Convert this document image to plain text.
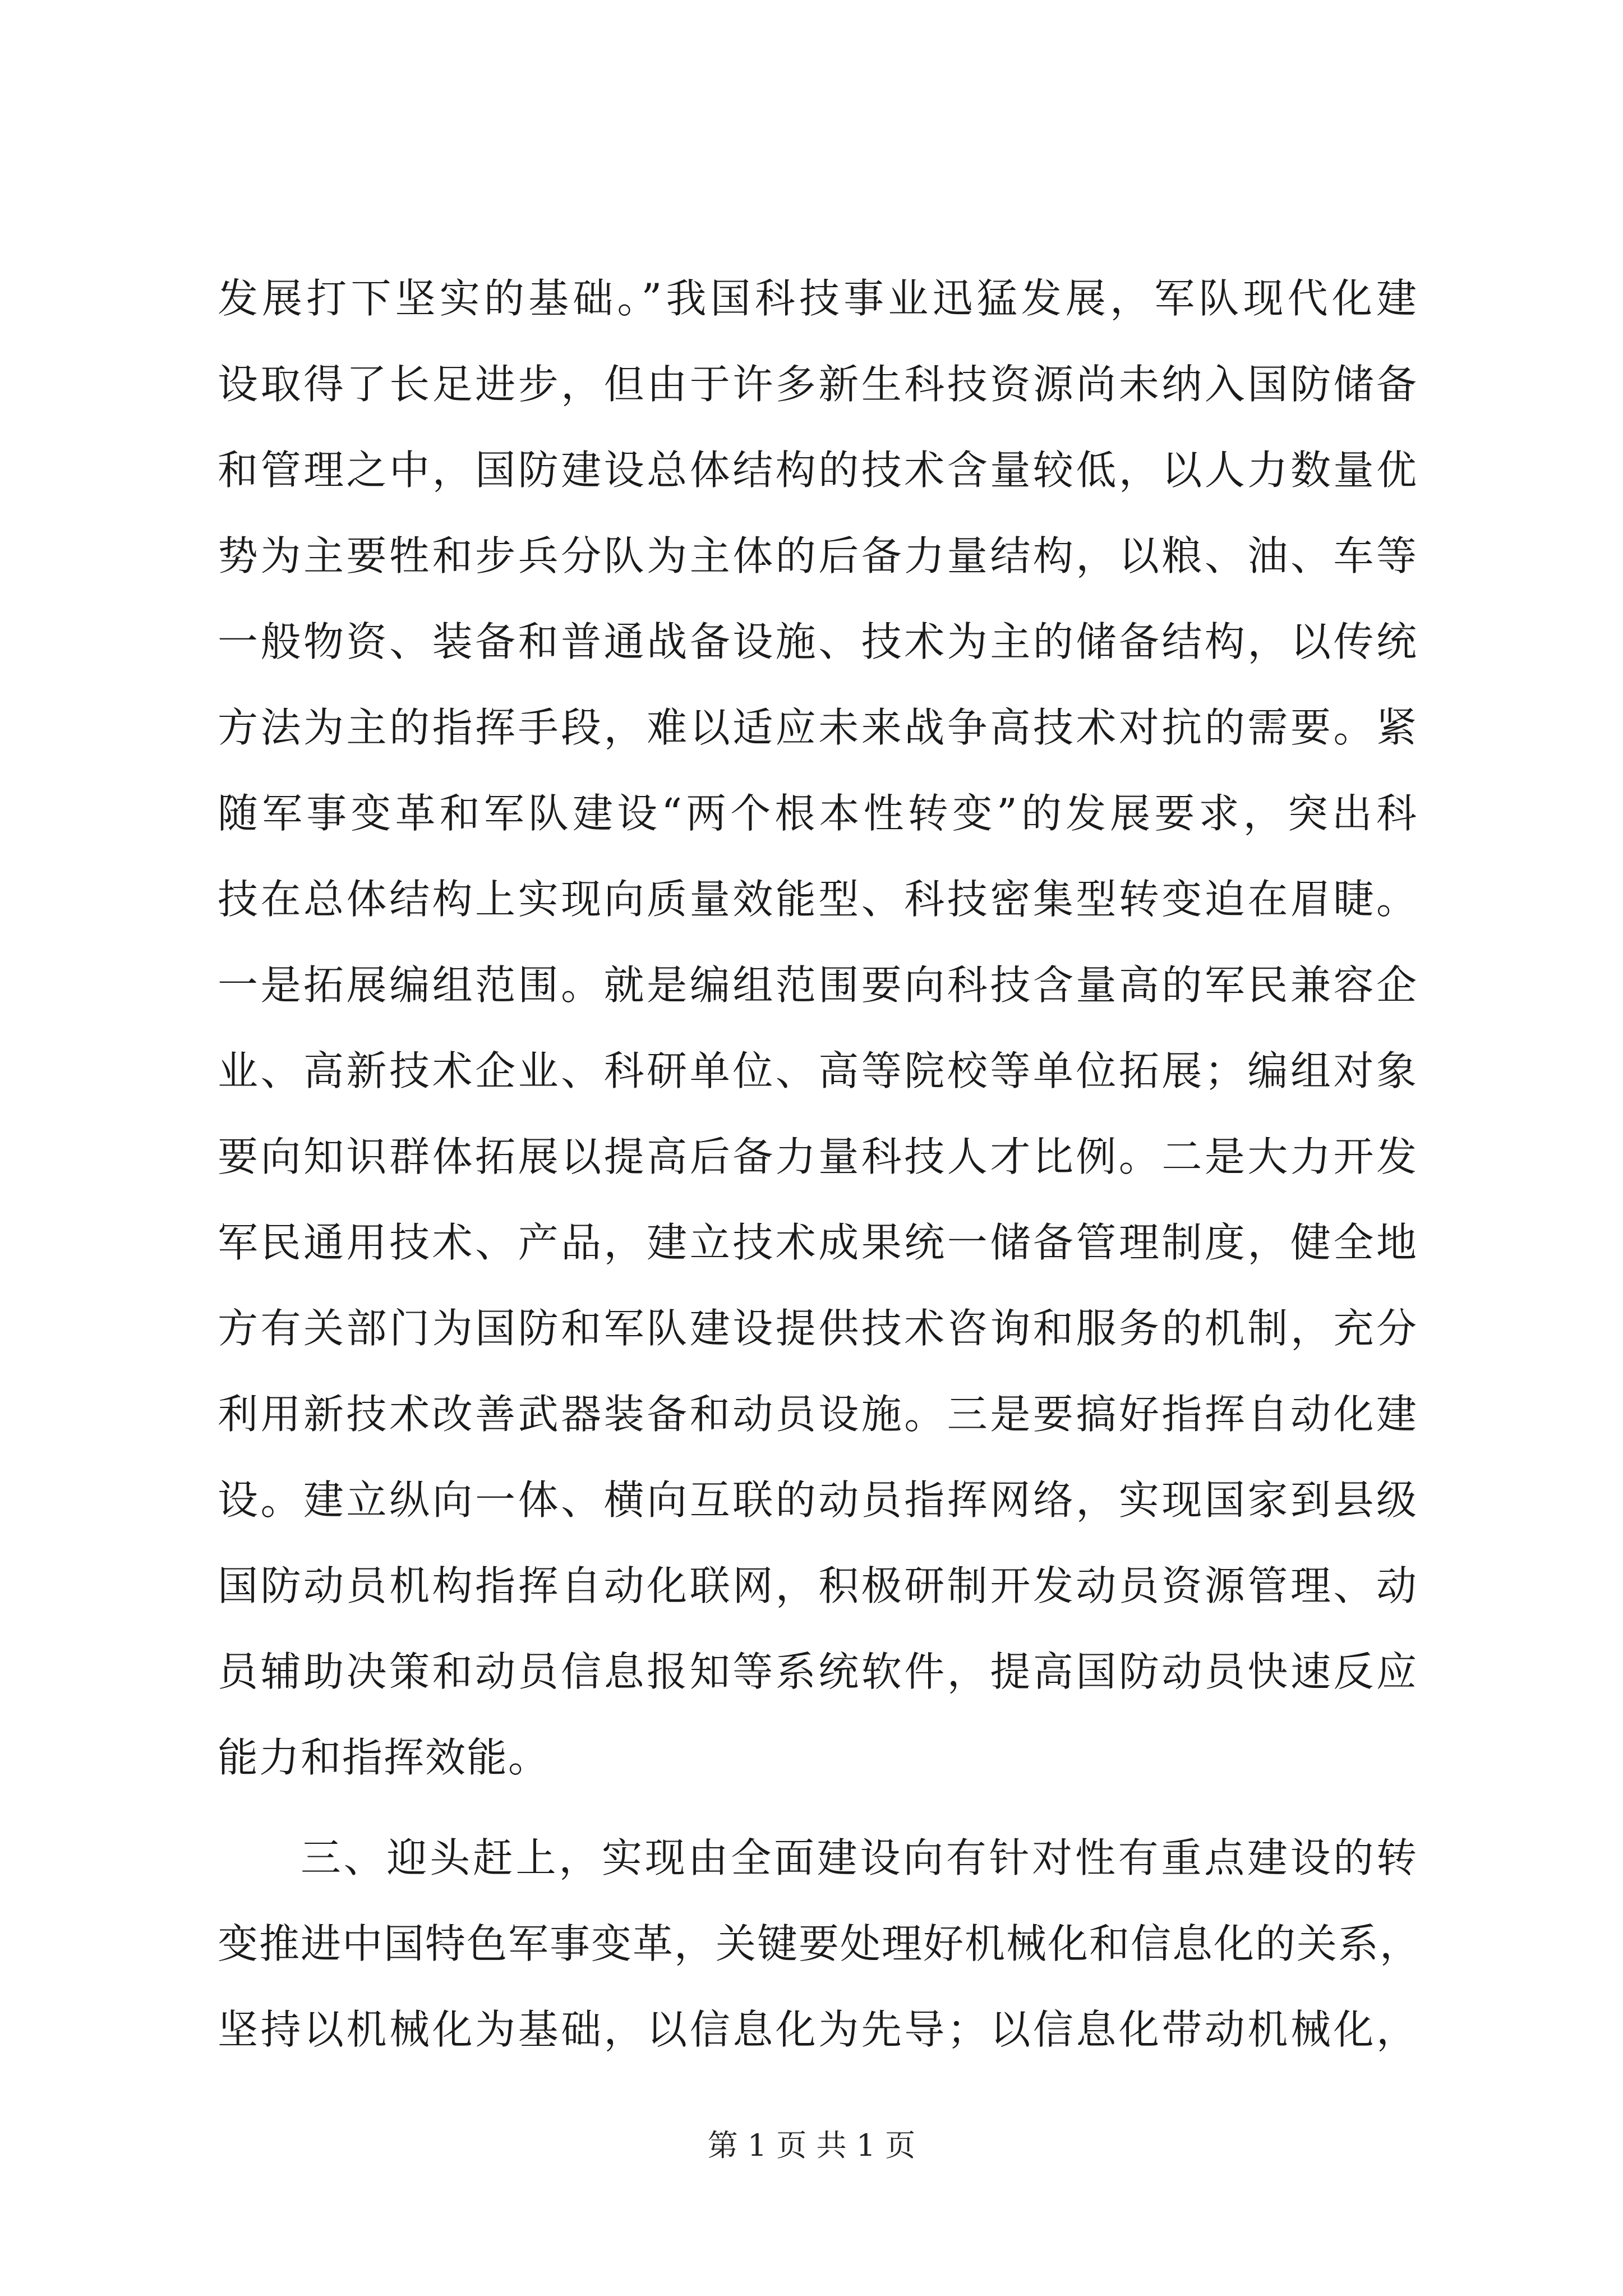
发展打下坚实的基础。”我国科技事业迅猛发展，军队现代化建
设取得了长足进步，但由于许多新生科技资源尚未纳入国防储备
和管理之中，国防建设总体结构的技术含量较低，以人力数量优
势为主要牲和步兵分队为主体的后备力量结构，以粮、油、车等
一般物资、装备和普通战备设施、技术为主的储备结构，以传统
方法为主的指挥手段，难以适应未来战争高技术对抗的需要。紧
随军事变革和军队建设“两个根本性转变”的发展要求，突出科
技在总体结构上实现向质量效能型、科技密集型转变迫在眉睫。
一是拓展编组范围。就是编组范围要向科技含量高的军民兼容企
业、高新技术企业、科研单位、高等院校等单位拓展；编组对象
要向知识群体拓展以提高后备力量科技人才比例。二是大力开发
军民通用技术、产品，建立技术成果统一储备管理制度，健全地
方有关部门为国防和军队建设提供技术咨询和服务的机制，充分
利用新技术改善武器装备和动员设施。三是要搞好指挥自动化建
设。建立纵向一体、横向互联的动员指挥网络，实现国家到县级
国防动员机构指挥自动化联网，积极研制开发动员资源管理、动
员辅助决策和动员信息报知等系统软件，提高国防动员快速反应
能力和指挥效能。
三、迎头赶上，实现由全面建设向有针对性有重点建设的转
变推进中国特色军事变革，关键要处理好机械化和信息化的关系，
坚持以机械化为基础，以信息化为先导；以信息化带动机械化，
第 1 页 共 1 页
